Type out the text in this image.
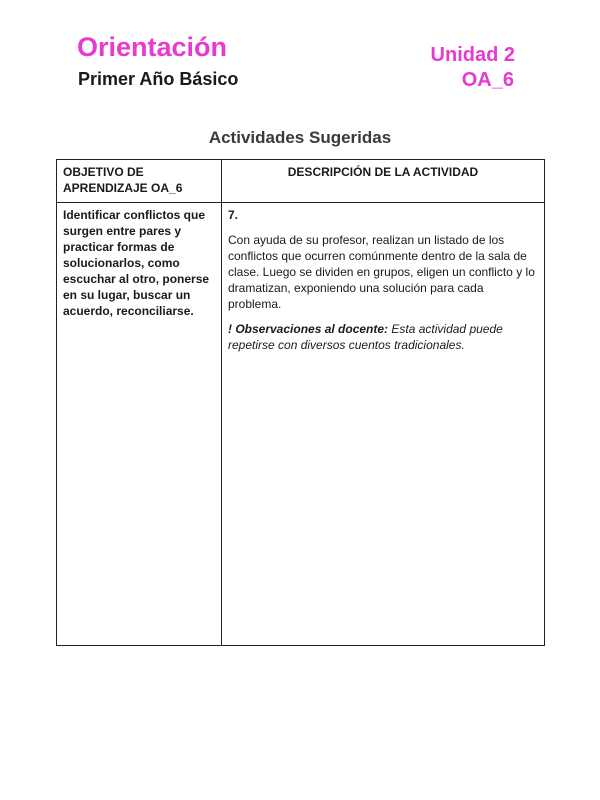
Orientación
Primer Año Básico
Unidad 2
OA_6
Actividades Sugeridas
OBJETIVO DE APRENDIZAJE OA_6	DESCRIPCIÓN DE LA ACTIVIDAD
Identificar conflictos que surgen entre pares y practicar formas de solucionarlos, como escuchar al otro, ponerse en su lugar, buscar un acuerdo, reconciliarse.	7.

Con ayuda de su profesor, realizan un listado de los conflictos que ocurren comúnmente dentro de la sala de clase. Luego se dividen en grupos, eligen un conflicto y lo dramatizan, exponiendo una solución para cada problema.

! Observaciones al docente: Esta actividad puede repetirse con diversos cuentos tradicionales.
